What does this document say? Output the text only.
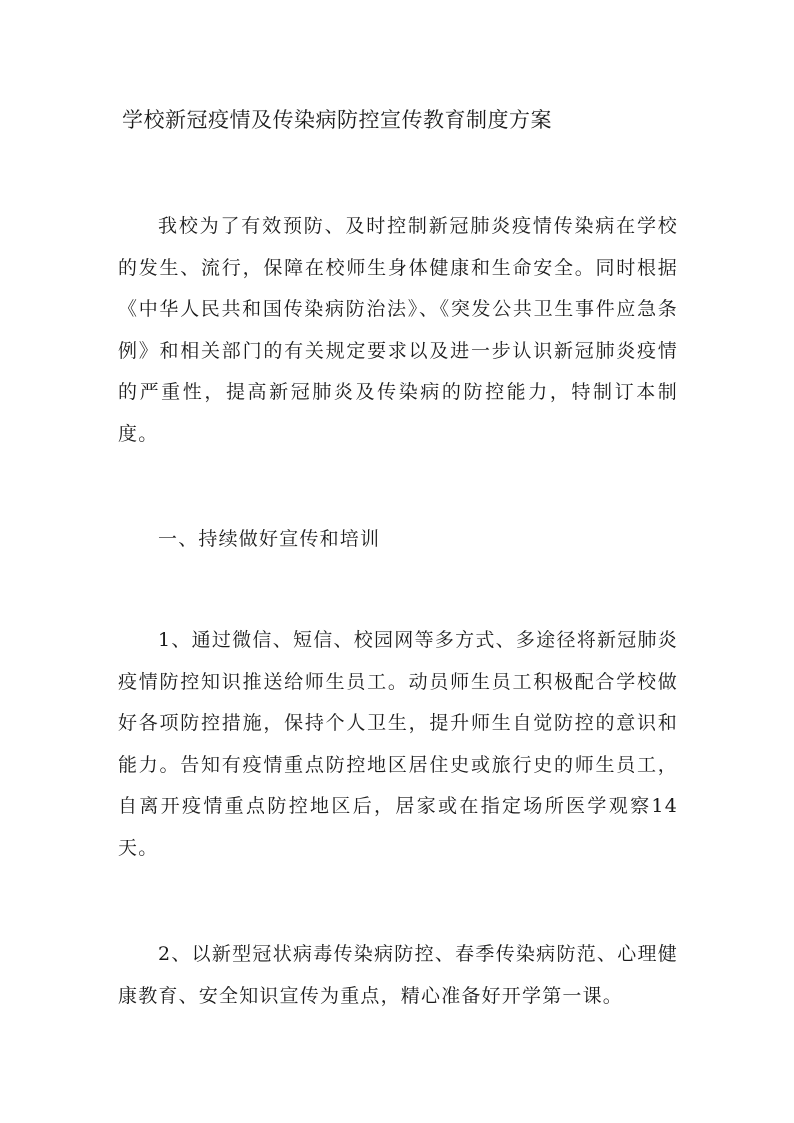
学校新冠疫情及传染病防控宣传教育制度方案

我校为了有效预防、及时控制新冠肺炎疫情传染病在学校的发生、流行，保障在校师生身体健康和生命安全。同时根据《中华人民共和国传染病防治法》、《突发公共卫生事件应急条例》和相关部门的有关规定要求以及进一步认识新冠肺炎疫情的严重性，提高新冠肺炎及传染病的防控能力，特制订本制度。

一、持续做好宣传和培训

1、通过微信、短信、校园网等多方式、多途径将新冠肺炎疫情防控知识推送给师生员工。动员师生员工积极配合学校做好各项防控措施，保持个人卫生，提升师生自觉防控的意识和能力。告知有疫情重点防控地区居住史或旅行史的师生员工，自离开疫情重点防控地区后，居家或在指定场所医学观察14天。

2、以新型冠状病毒传染病防控、春季传染病防范、心理健康教育、安全知识宣传为重点，精心准备好开学第一课。
